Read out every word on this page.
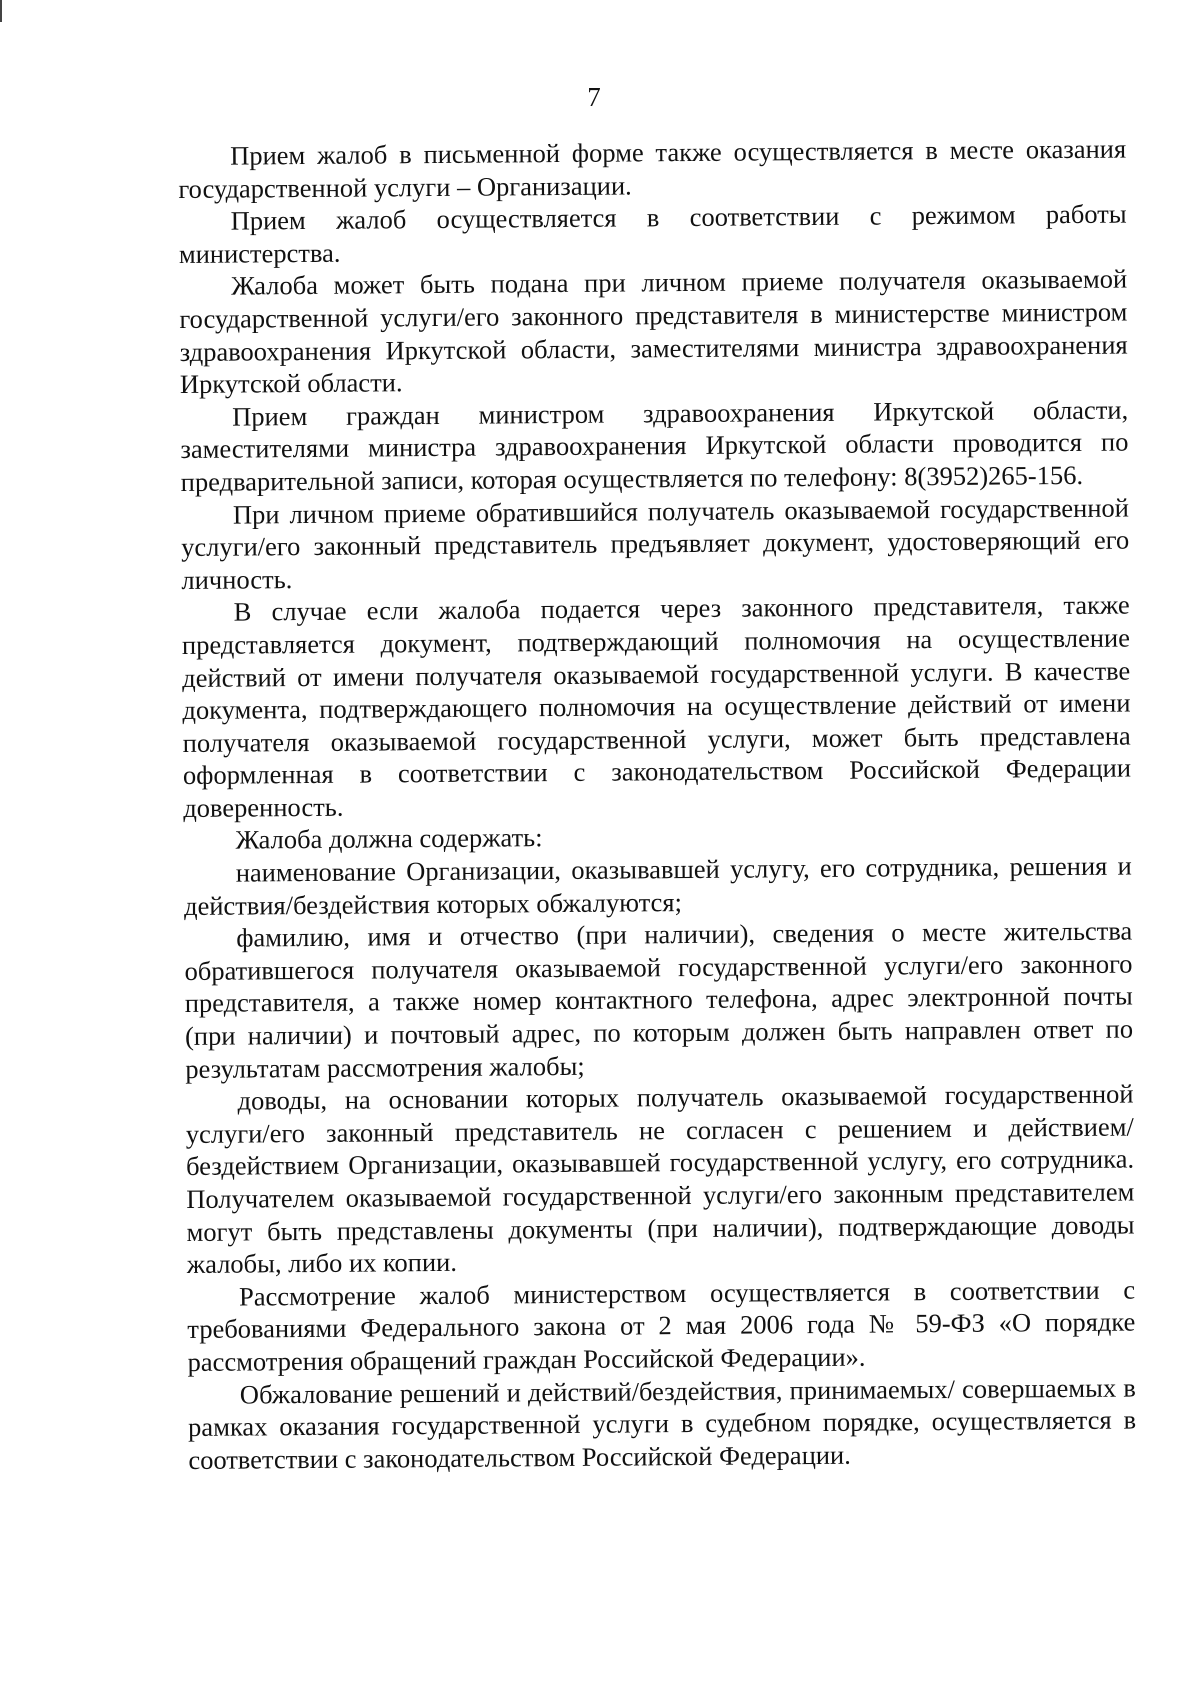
7

Прием жалоб в письменной форме также осуществляется в месте оказания государственной услуги – Организации.

Прием жалоб осуществляется в соответствии с режимом работы министерства.

Жалоба может быть подана при личном приеме получателя оказываемой государственной услуги/его законного представителя в министерстве министром здравоохранения Иркутской области, заместителями министра здравоохранения Иркутской области.

Прием граждан министром здравоохранения Иркутской области, заместителями министра здравоохранения Иркутской области проводится по предварительной записи, которая осуществляется по телефону: 8(3952)265-156.

При личном приеме обратившийся получатель оказываемой государственной услуги/его законный представитель предъявляет документ, удостоверяющий его личность.

В случае если жалоба подается через законного представителя, также представляется документ, подтверждающий полномочия на осуществление действий от имени получателя оказываемой государственной услуги. В качестве документа, подтверждающего полномочия на осуществление действий от имени получателя оказываемой государственной услуги, может быть представлена оформленная в соответствии с законодательством Российской Федерации доверенность.

Жалоба должна содержать:

наименование Организации, оказывавшей услугу, его сотрудника, решения и действия/бездействия которых обжалуются;

фамилию, имя и отчество (при наличии), сведения о месте жительства обратившегося получателя оказываемой государственной услуги/его законного представителя, а также номер контактного телефона, адрес электронной почты (при наличии) и почтовый адрес, по которым должен быть направлен ответ по результатам рассмотрения жалобы;

доводы, на основании которых получатель оказываемой государственной услуги/его законный представитель не согласен с решением и действием/бездействием Организации, оказывавшей государственной услугу, его сотрудника. Получателем оказываемой государственной услуги/его законным представителем могут быть представлены документы (при наличии), подтверждающие доводы жалобы, либо их копии.

Рассмотрение жалоб министерством осуществляется в соответствии с требованиями Федерального закона от 2 мая 2006 года № 59-ФЗ «О порядке рассмотрения обращений граждан Российской Федерации».

Обжалование решений и действий/бездействия, принимаемых/ совершаемых в рамках оказания государственной услуги в судебном порядке, осуществляется в соответствии с законодательством Российской Федерации.
